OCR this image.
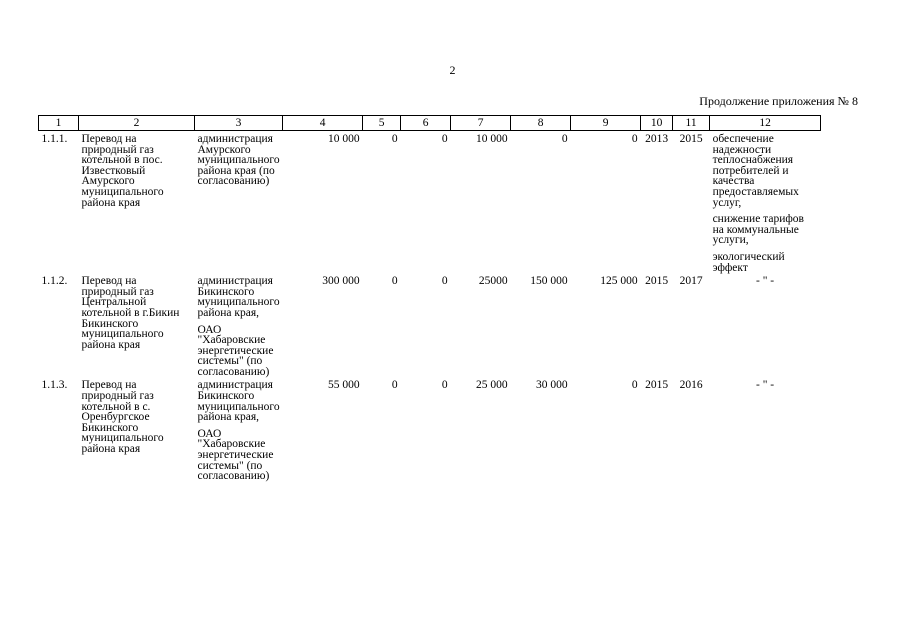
2
Продолжение приложения № 8
1	2	3	4	5	6	7	8	9	10	11	12
1.1.1.	Перевод на природный газ котельной в пос. Известковый Амурского муниципального района края	администрация Амурского муниципального района края (по согласованию)	10 000	0	0	10 000	0	0	2013	2015	обеспечение надежности теплоснабжения потребителей и качества предоставляемых услуг,
снижение тарифов на коммунальные услуги,
экологический эффект

1.1.2.	Перевод на природный газ Центральной котельной в г.Бикин Бикинского муниципального района края	администрация Бикинского муниципального района края,
ОАО "Хабаровские энергетические системы" (по согласованию)	300 000	0	0	25000	150 000	125 000	2015	2017	- " -

1.1.3.	Перевод на природный газ котельной в с. Оренбургское Бикинского муниципального района края	администрация Бикинского муниципального района края,
ОАО "Хабаровские энергетические системы" (по согласованию)	55 000	0	0	25 000	30 000	0	2015	2016	- " -
